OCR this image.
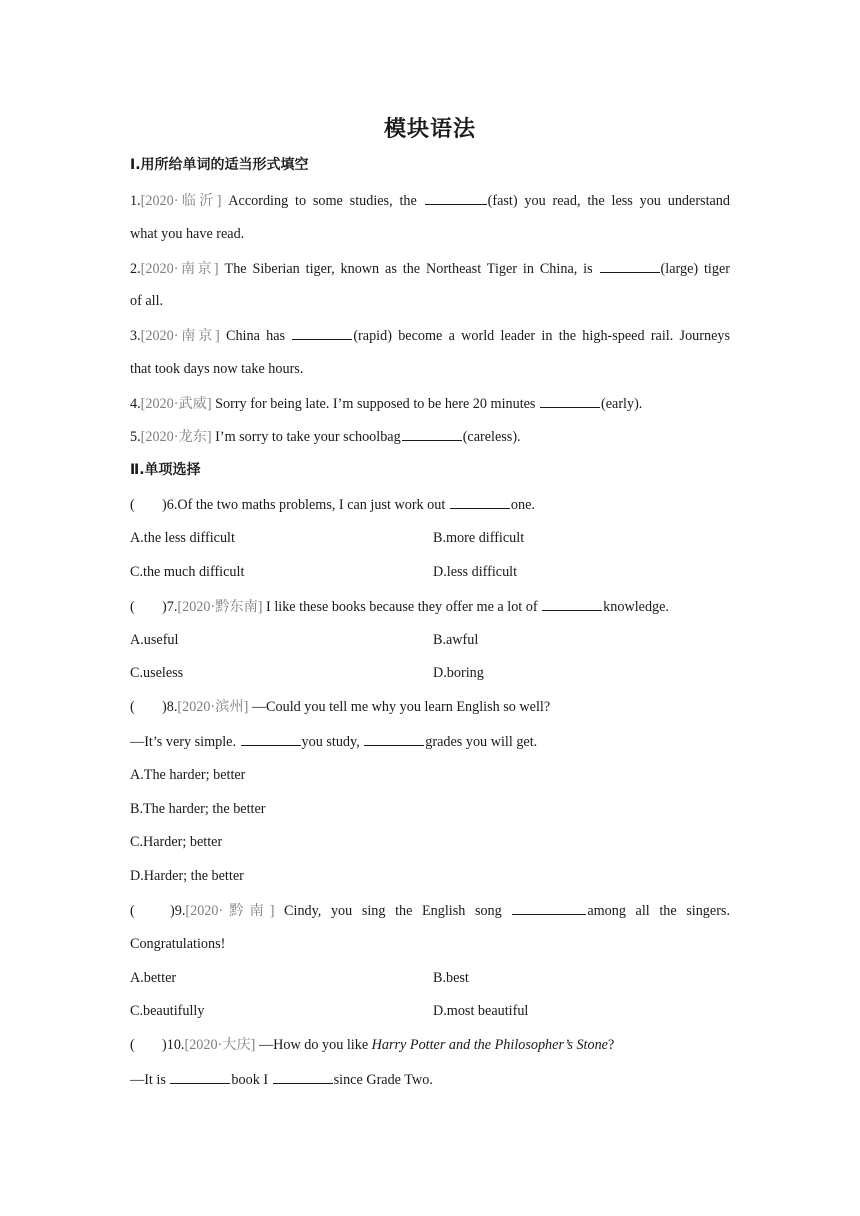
模块语法
Ⅰ.用所给单词的适当形式填空
1.[2020·临沂] According to some studies, the	(fast) you read, the less you understand
what you have read.
2.[2020·南京] The Siberian tiger, known as the Northeast Tiger in China, is	(large) tiger
of all.
3.[2020·南京] China has	(rapid) become a world leader in the high-speed rail. Journeys
that took days now take hours.
4.[2020·武威] Sorry for being late. I’m supposed to be here 20 minutes	(early).
5.[2020·龙东] I’m sorry to take your schoolbag	(careless).
Ⅱ.单项选择
( )6.Of the two maths problems, I can just work out	one.
A.the less difficult	B.more difficult
C.the much difficult	D.less difficult
( )7.[2020·黔东南] I like these books because they offer me a lot of	knowledge.
A.useful	B.awful
C.useless	D.boring
( )8.[2020·滨州] —Could you tell me why you learn English so well?
—It’s very simple.	you study,	grades you will get.
A.The harder; better
B.The harder; the better
C.Harder; better
D.Harder; the better
( )9.[2020·黔南] Cindy, you sing the English song	among all the singers.
Congratulations!
A.better	B.best
C.beautifully	D.most beautiful
( )10.[2020·大庆] —How do you like Harry Potter and the Philosopher’s Stone?
—It is	book I	since Grade Two.
